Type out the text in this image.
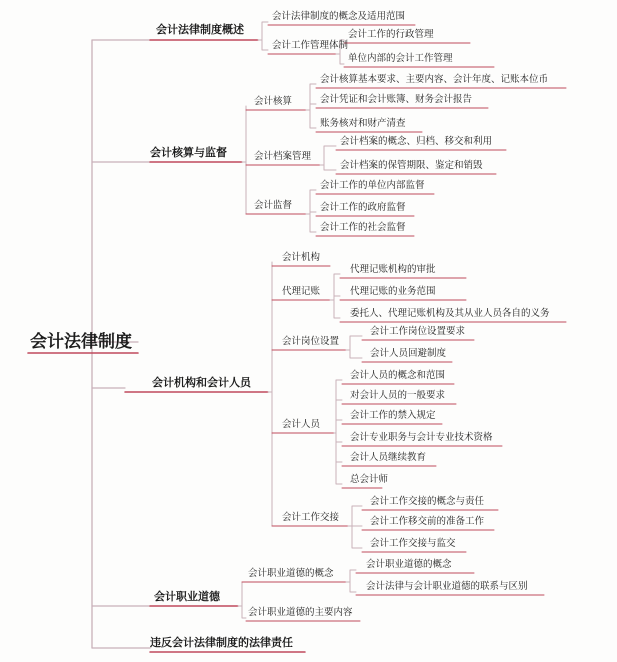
会计法律制度
会计法律制度概述
会计法律制度的概念及适用范围
会计工作管理体制
会计工作的行政管理
单位内部的会计工作管理
会计核算与监督
会计核算
会计核算基本要求、主要内容、会计年度、记账本位币
会计凭证和会计账簿、财务会计报告
账务核对和财产清查
会计档案管理
会计档案的概念、归档、移交和利用
会计档案的保管期限、鉴定和销毁
会计监督
会计工作的单位内部监督
会计工作的政府监督
会计工作的社会监督
会计机构和会计人员
会计机构
代理记账
代理记账机构的审批
代理记账的业务范围
委托人、代理记账机构及其从业人员各自的义务
会计岗位设置
会计工作岗位设置要求
会计人员回避制度
会计人员
会计人员的概念和范围
对会计人员的一般要求
会计工作的禁入规定
会计专业职务与会计专业技术资格
会计人员继续教育
总会计师
会计工作交接
会计工作交接的概念与责任
会计工作移交前的准备工作
会计工作交接与监交
会计职业道德
会计职业道德的概念
会计职业道德的概念
会计法律与会计职业道德的联系与区别
会计职业道德的主要内容
违反会计法律制度的法律责任
